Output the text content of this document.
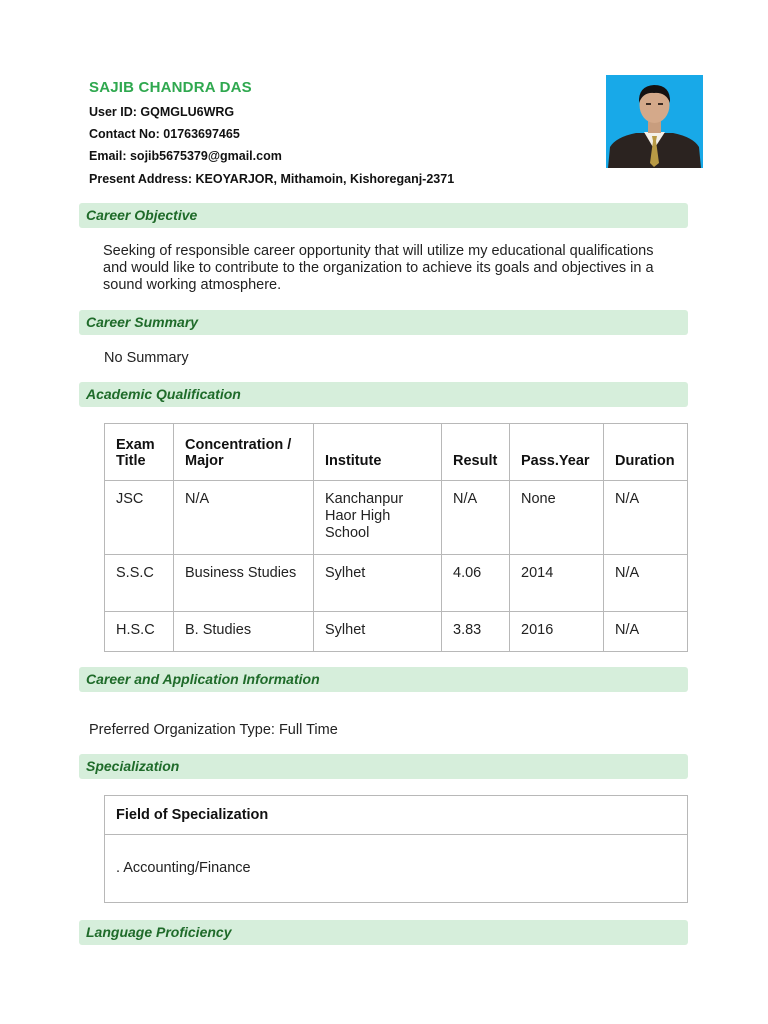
SAJIB CHANDRA DAS
User ID: GQMGLU6WRG
Contact No: 01763697465
Email: sojib5675379@gmail.com
Present Address: KEOYARJOR, Mithamoin, Kishoreganj-2371
Career Objective
Seeking of responsible career opportunity that will utilize my educational qualifications and would like to contribute to the organization to achieve its goals and objectives in a sound working atmosphere.
Career Summary
No Summary
Academic Qualification
Exam Title	Concentration / Major	Institute	Result	Pass.Year	Duration
JSC	N/A	Kanchanpur Haor High School	N/A	None	N/A
S.S.C	Business Studies	Sylhet	4.06	2014	N/A
H.S.C	B. Studies	Sylhet	3.83	2016	N/A
Career and Application Information
Preferred Organization Type: Full Time
Specialization
Field of Specialization
. Accounting/Finance
Language Proficiency
